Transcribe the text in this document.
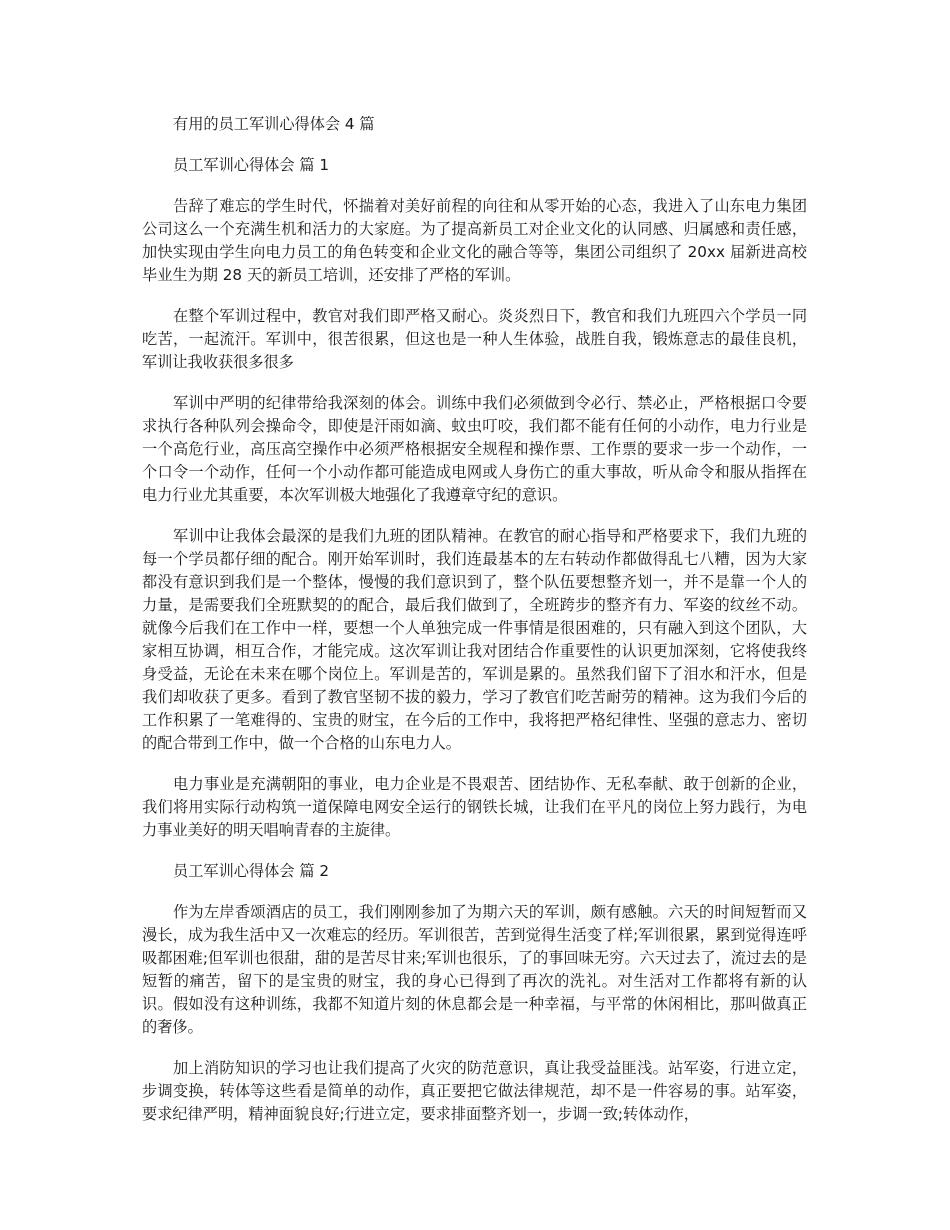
有用的员工军训心得体会 4 篇

员工军训心得体会 篇 1

告辞了难忘的学生时代，怀揣着对美好前程的向往和从零开始的心态，我进入了山东电力集团公司这么一个充满生机和活力的大家庭。为了提高新员工对企业文化的认同感、归属感和责任感，加快实现由学生向电力员工的角色转变和企业文化的融合等等，集团公司组织了 20xx 届新进高校毕业生为期 28 天的新员工培训，还安排了严格的军训。

在整个军训过程中，教官对我们即严格又耐心。炎炎烈日下，教官和我们九班四六个学员一同吃苦，一起流汗。军训中，很苦很累，但这也是一种人生体验，战胜自我，锻炼意志的最佳良机，军训让我收获很多很多

军训中严明的纪律带给我深刻的体会。训练中我们必须做到令必行、禁必止，严格根据口令要求执行各种队列会操命令，即使是汗雨如滴、蚊虫叮咬，我们都不能有任何的小动作，电力行业是一个高危行业，高压高空操作中必须严格根据安全规程和操作票、工作票的要求一步一个动作，一个口令一个动作，任何一个小动作都可能造成电网或人身伤亡的重大事故，听从命令和服从指挥在电力行业尤其重要，本次军训极大地强化了我遵章守纪的意识。

军训中让我体会最深的是我们九班的团队精神。在教官的耐心指导和严格要求下，我们九班的每一个学员都仔细的配合。刚开始军训时，我们连最基本的左右转动作都做得乱七八糟，因为大家都没有意识到我们是一个整体，慢慢的我们意识到了，整个队伍要想整齐划一，并不是靠一个人的力量，是需要我们全班默契的的配合，最后我们做到了，全班跨步的整齐有力、军姿的纹丝不动。就像今后我们在工作中一样，要想一个人单独完成一件事情是很困难的，只有融入到这个团队，大家相互协调，相互合作，才能完成。这次军训让我对团结合作重要性的认识更加深刻，它将使我终身受益，无论在未来在哪个岗位上。军训是苦的，军训是累的。虽然我们留下了泪水和汗水，但是我们却收获了更多。看到了教官坚韧不拔的毅力，学习了教官们吃苦耐劳的精神。这为我们今后的工作积累了一笔难得的、宝贵的财宝，在今后的工作中，我将把严格纪律性、坚强的意志力、密切的配合带到工作中，做一个合格的山东电力人。

电力事业是充满朝阳的事业，电力企业是不畏艰苦、团结协作、无私奉献、敢于创新的企业，我们将用实际行动构筑一道保障电网安全运行的钢铁长城，让我们在平凡的岗位上努力践行，为电力事业美好的明天唱响青春的主旋律。

员工军训心得体会 篇 2

作为左岸香颂酒店的员工，我们刚刚参加了为期六天的军训，颇有感触。六天的时间短暂而又漫长，成为我生活中又一次难忘的经历。军训很苦，苦到觉得生活变了样;军训很累，累到觉得连呼吸都困难;但军训也很甜，甜的是苦尽甘来;军训也很乐，了的事回味无穷。六天过去了，流过去的是短暂的痛苦，留下的是宝贵的财宝，我的身心已得到了再次的洗礼。对生活对工作都将有新的认识。假如没有这种训练，我都不知道片刻的休息都会是一种幸福，与平常的休闲相比，那叫做真正的奢侈。

加上消防知识的学习也让我们提高了火灾的防范意识，真让我受益匪浅。站军姿，行进立定，步调变换，转体等这些看是简单的动作，真正要把它做法律规范，却不是一件容易的事。站军姿，要求纪律严明，精神面貌良好;行进立定，要求排面整齐划一，步调一致;转体动作，
